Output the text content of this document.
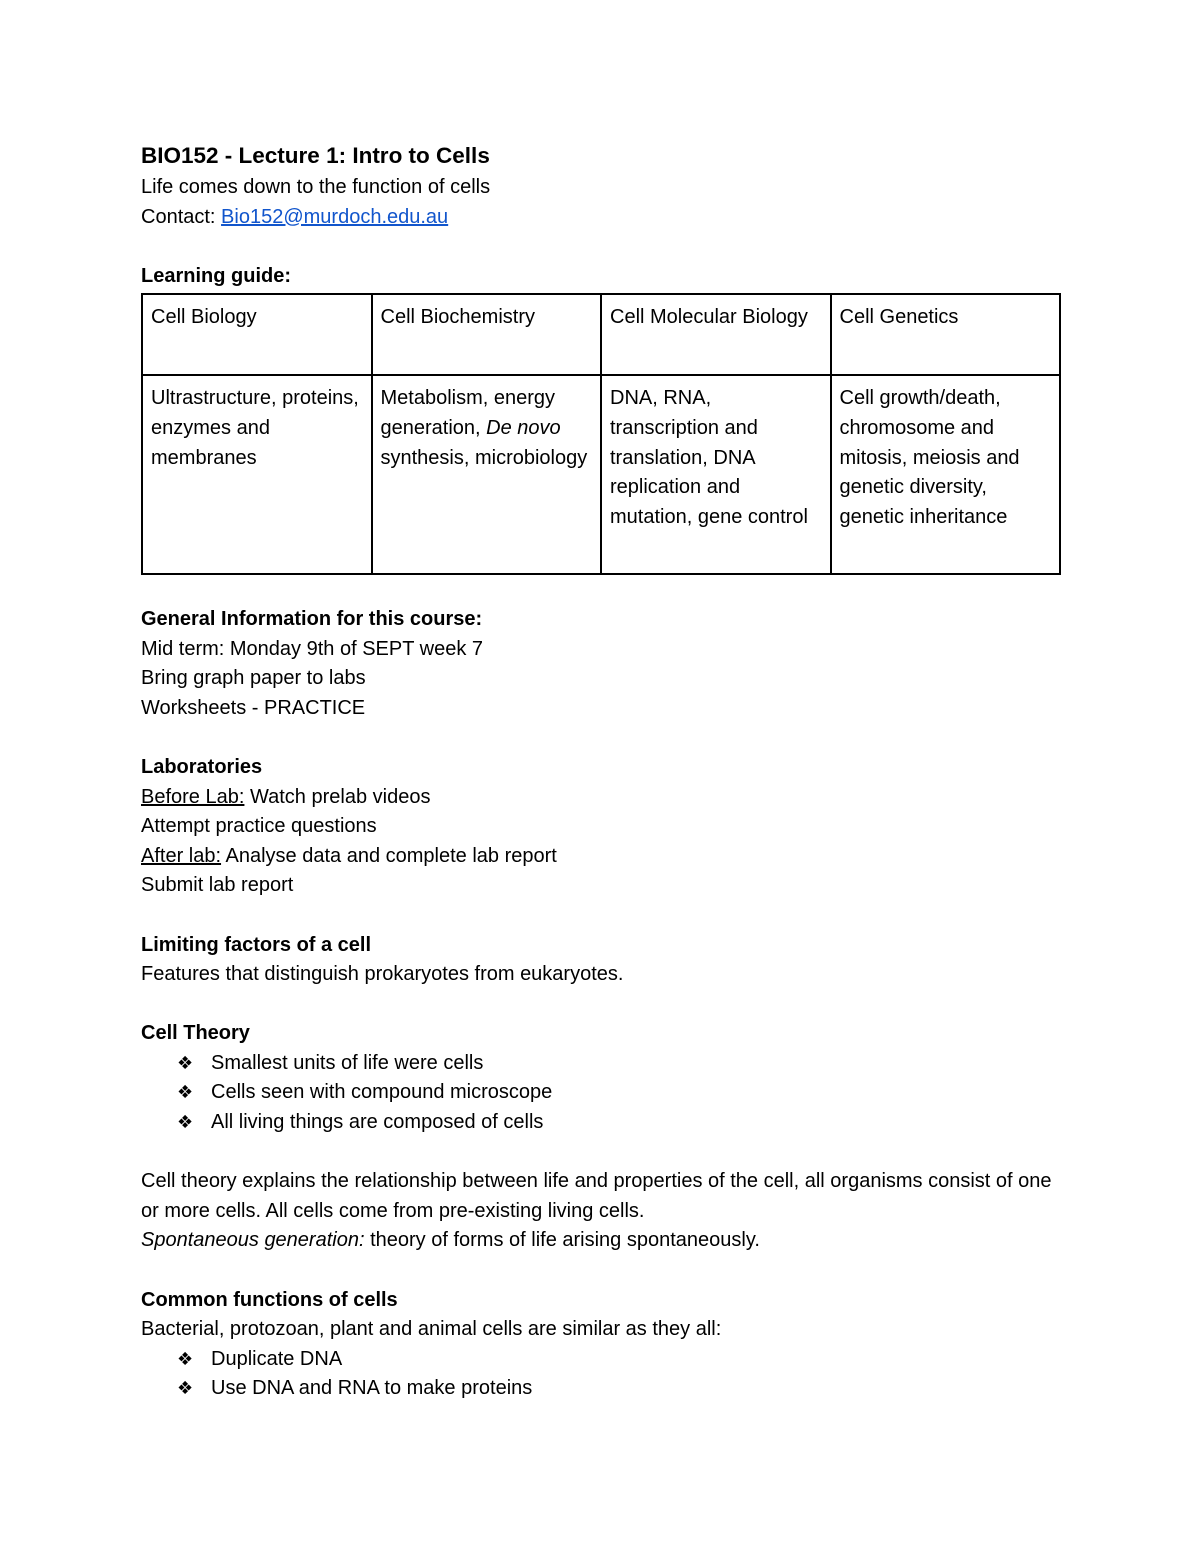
BIO152 - Lecture 1: Intro to Cells

Life comes down to the function of cells

Contact: Bio152@murdoch.edu.au

Learning guide:

Cell Biology	Cell Biochemistry	Cell Molecular Biology	Cell Genetics
Ultrastructure, proteins, enzymes and membranes	Metabolism, energy generation, De novo synthesis, microbiology	DNA, RNA, transcription and translation, DNA replication and mutation, gene control	Cell growth/death, chromosome and mitosis, meiosis and genetic diversity, genetic inheritance

General Information for this course:

Mid term: Monday 9th of SEPT week 7

Bring graph paper to labs

Worksheets - PRACTICE

Laboratories

Before Lab: Watch prelab videos

Attempt practice questions

After lab: Analyse data and complete lab report

Submit lab report

Limiting factors of a cell

Features that distinguish prokaryotes from eukaryotes.

Cell Theory

❖ Smallest units of life were cells
❖ Cells seen with compound microscope
❖ All living things are composed of cells

Cell theory explains the relationship between life and properties of the cell, all organisms consist of one or more cells. All cells come from pre-existing living cells.

Spontaneous generation: theory of forms of life arising spontaneously.

Common functions of cells

Bacterial, protozoan, plant and animal cells are similar as they all:

❖ Duplicate DNA
❖ Use DNA and RNA to make proteins
